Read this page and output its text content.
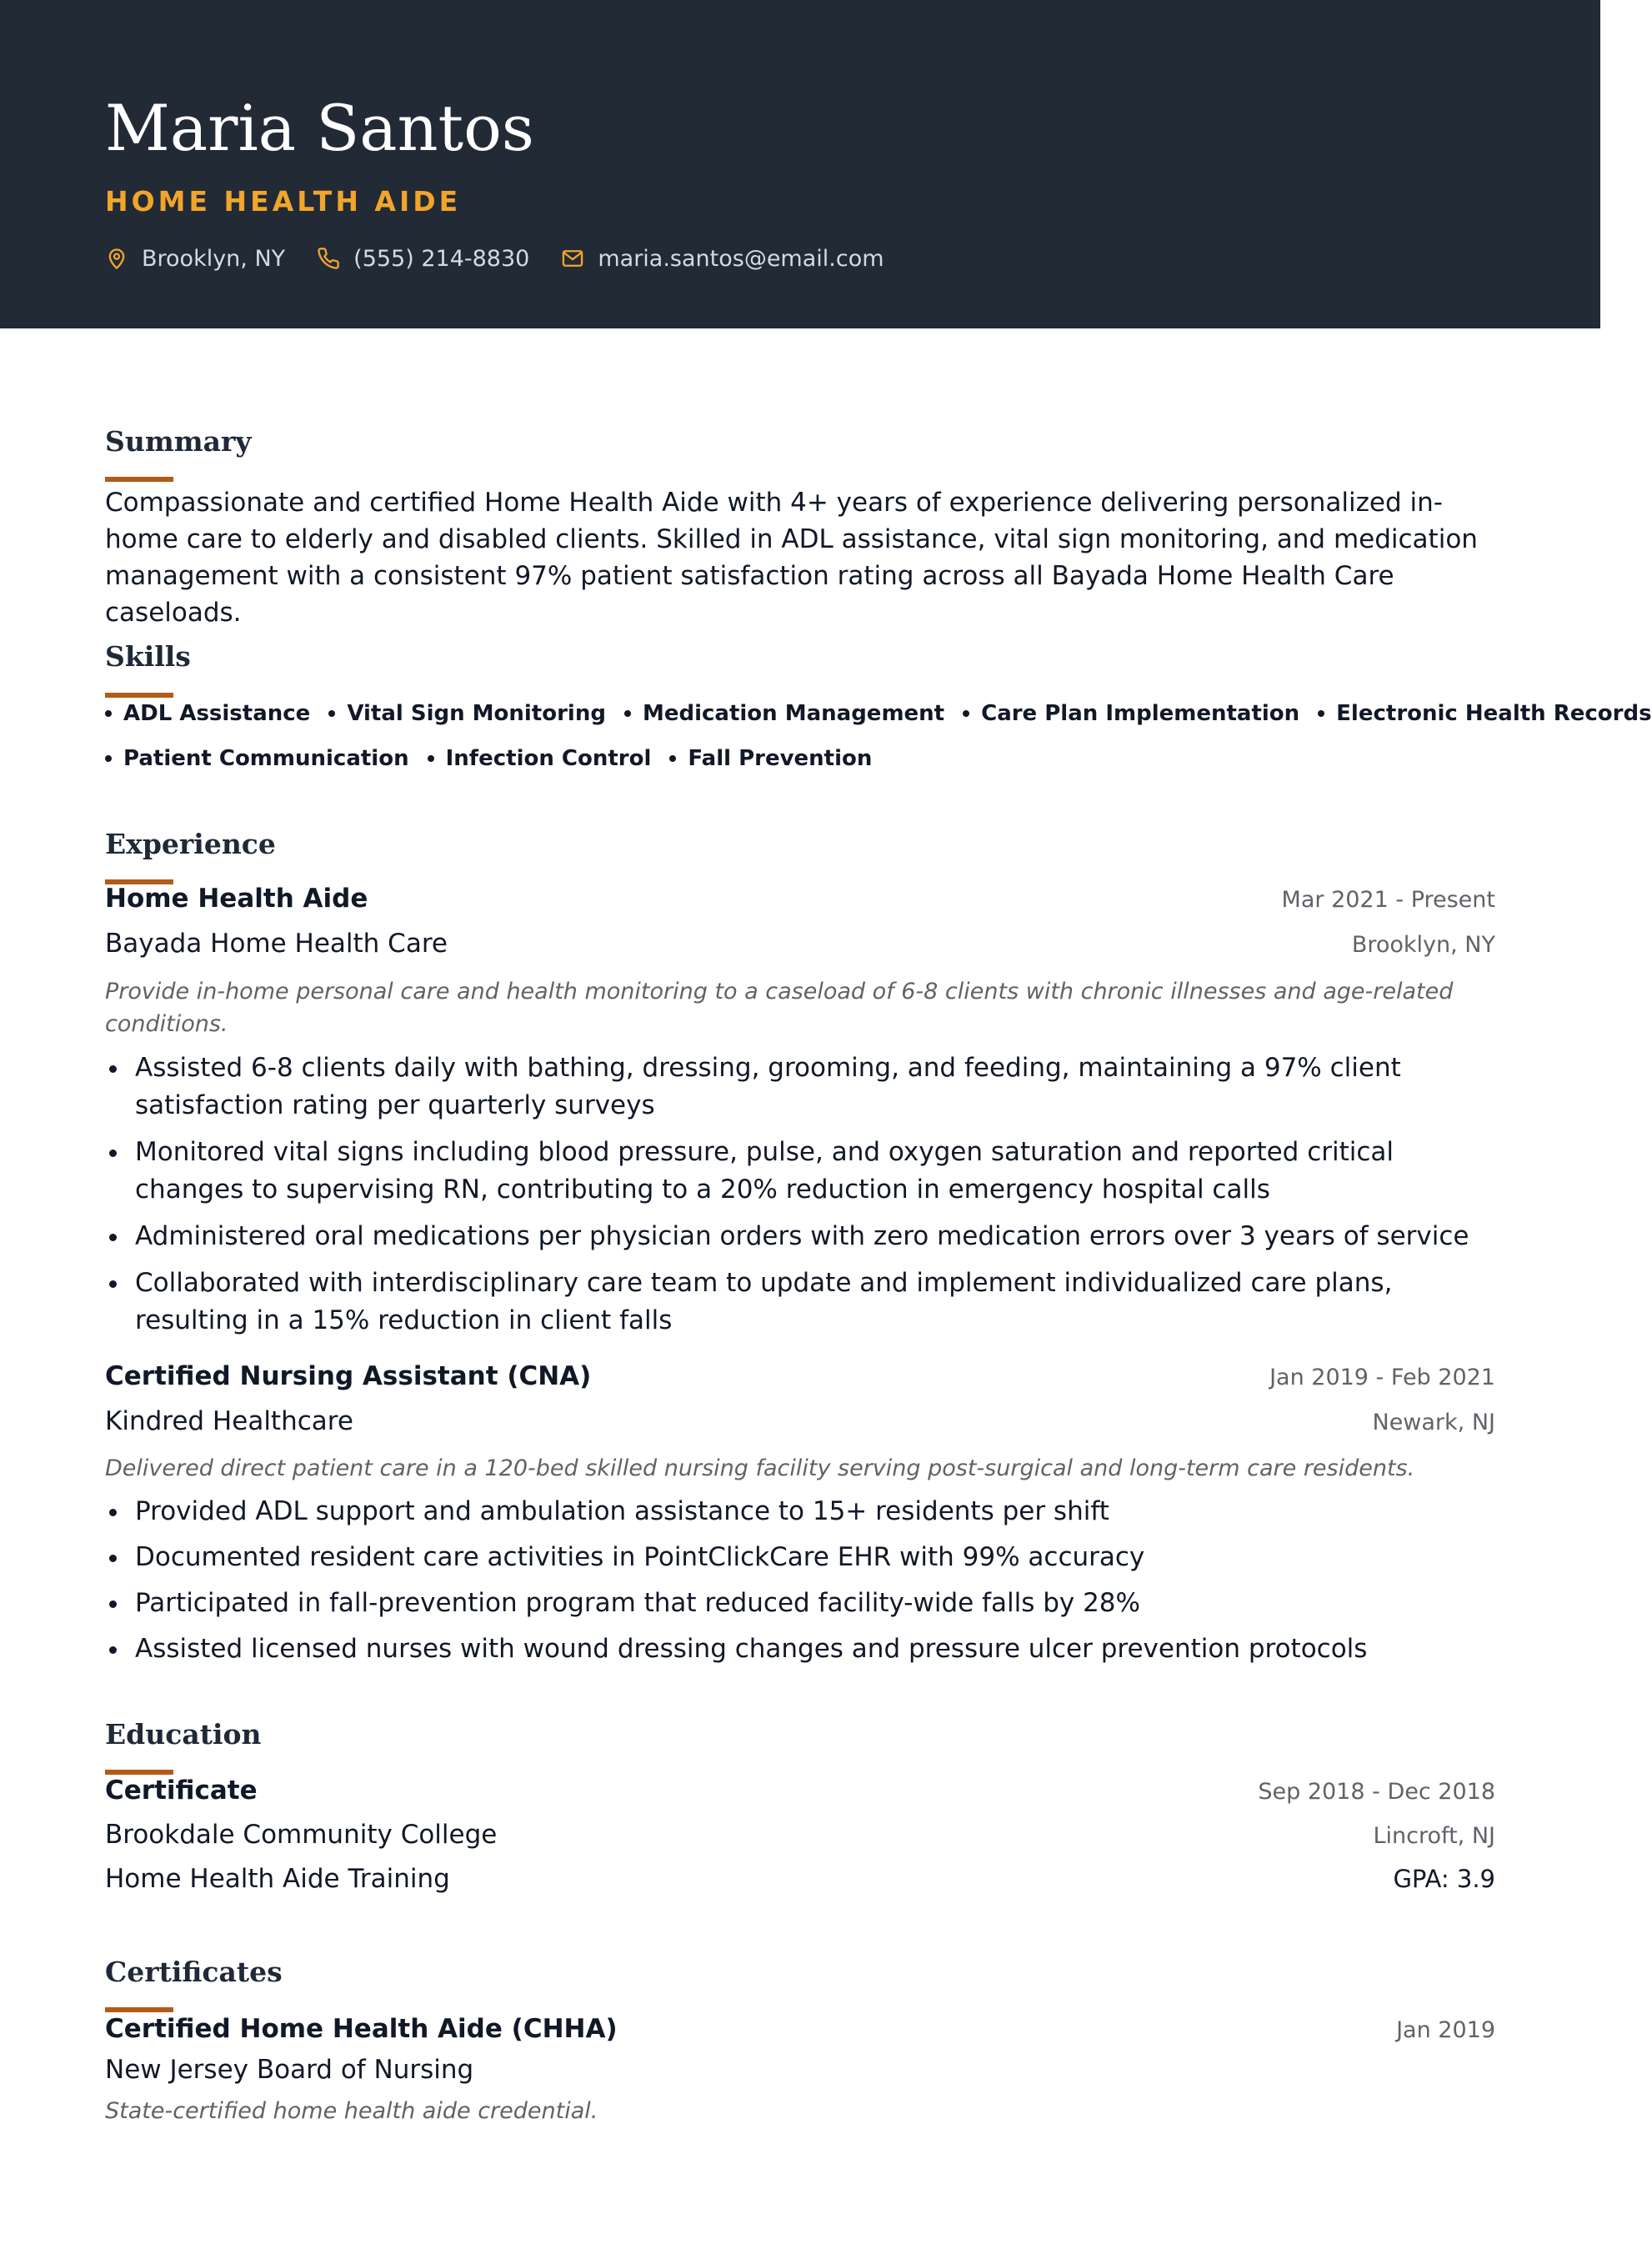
Maria Santos
HOME HEALTH AIDE
Brooklyn, NY	(555) 214-8830	maria.santos@email.com
Summary
Compassionate and certified Home Health Aide with 4+ years of experience delivering personalized in-home care to elderly and disabled clients. Skilled in ADL assistance, vital sign monitoring, and medication management with a consistent 97% patient satisfaction rating across all Bayada Home Health Care caseloads.
Skills
ADL Assistance Vital Sign Monitoring Medication Management Care Plan Implementation Electronic Health Records
Patient Communication Infection Control Fall Prevention
Experience
Home Health Aide	Mar 2021 - Present
Bayada Home Health Care	Brooklyn, NY
Provide in-home personal care and health monitoring to a caseload of 6-8 clients with chronic illnesses and age-related conditions.
Assisted 6-8 clients daily with bathing, dressing, grooming, and feeding, maintaining a 97% client satisfaction rating per quarterly surveys
Monitored vital signs including blood pressure, pulse, and oxygen saturation and reported critical changes to supervising RN, contributing to a 20% reduction in emergency hospital calls
Administered oral medications per physician orders with zero medication errors over 3 years of service
Collaborated with interdisciplinary care team to update and implement individualized care plans, resulting in a 15% reduction in client falls
Certified Nursing Assistant (CNA)	Jan 2019 - Feb 2021
Kindred Healthcare	Newark, NJ
Delivered direct patient care in a 120-bed skilled nursing facility serving post-surgical and long-term care residents.
Provided ADL support and ambulation assistance to 15+ residents per shift
Documented resident care activities in PointClickCare EHR with 99% accuracy
Participated in fall-prevention program that reduced facility-wide falls by 28%
Assisted licensed nurses with wound dressing changes and pressure ulcer prevention protocols
Education
Certificate	Sep 2018 - Dec 2018
Brookdale Community College	Lincroft, NJ
Home Health Aide Training	GPA: 3.9
Certificates
Certified Home Health Aide (CHHA)	Jan 2019
New Jersey Board of Nursing
State-certified home health aide credential.
